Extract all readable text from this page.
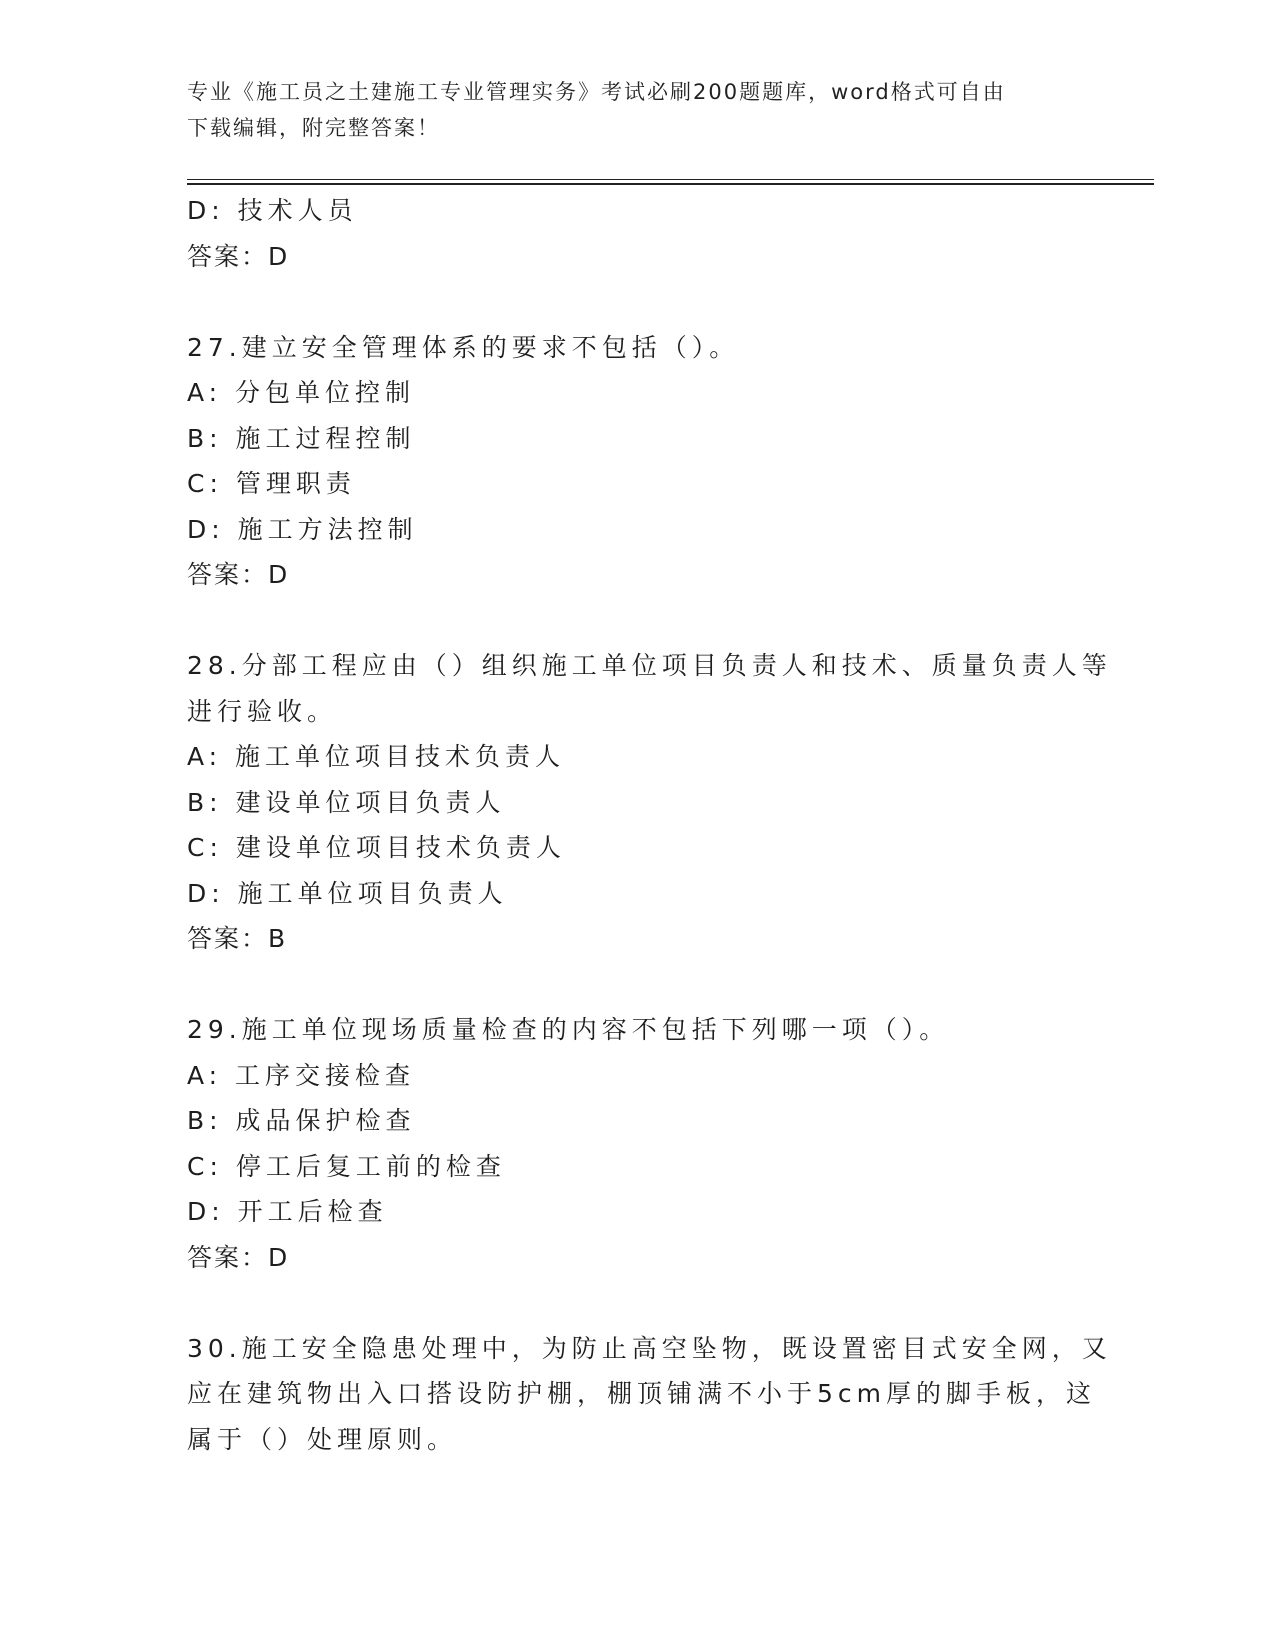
专业《施工员之土建施工专业管理实务》考试必刷200题题库，word格式可自由
下载编辑，附完整答案！
D: 技术人员
答案：D
27.建立安全管理体系的要求不包括（）。
A: 分包单位控制
B: 施工过程控制
C: 管理职责
D: 施工方法控制
答案：D
28.分部工程应由（）组织施工单位项目负责人和技术、质量负责人等
进行验收。
A: 施工单位项目技术负责人
B: 建设单位项目负责人
C: 建设单位项目技术负责人
D: 施工单位项目负责人
答案：B
29.施工单位现场质量检查的内容不包括下列哪一项（）。
A: 工序交接检查
B: 成品保护检查
C: 停工后复工前的检查
D: 开工后检查
答案：D
30.施工安全隐患处理中，为防止高空坠物，既设置密目式安全网，又
应在建筑物出入口搭设防护棚，棚顶铺满不小于5cm厚的脚手板，这
属于（）处理原则。
